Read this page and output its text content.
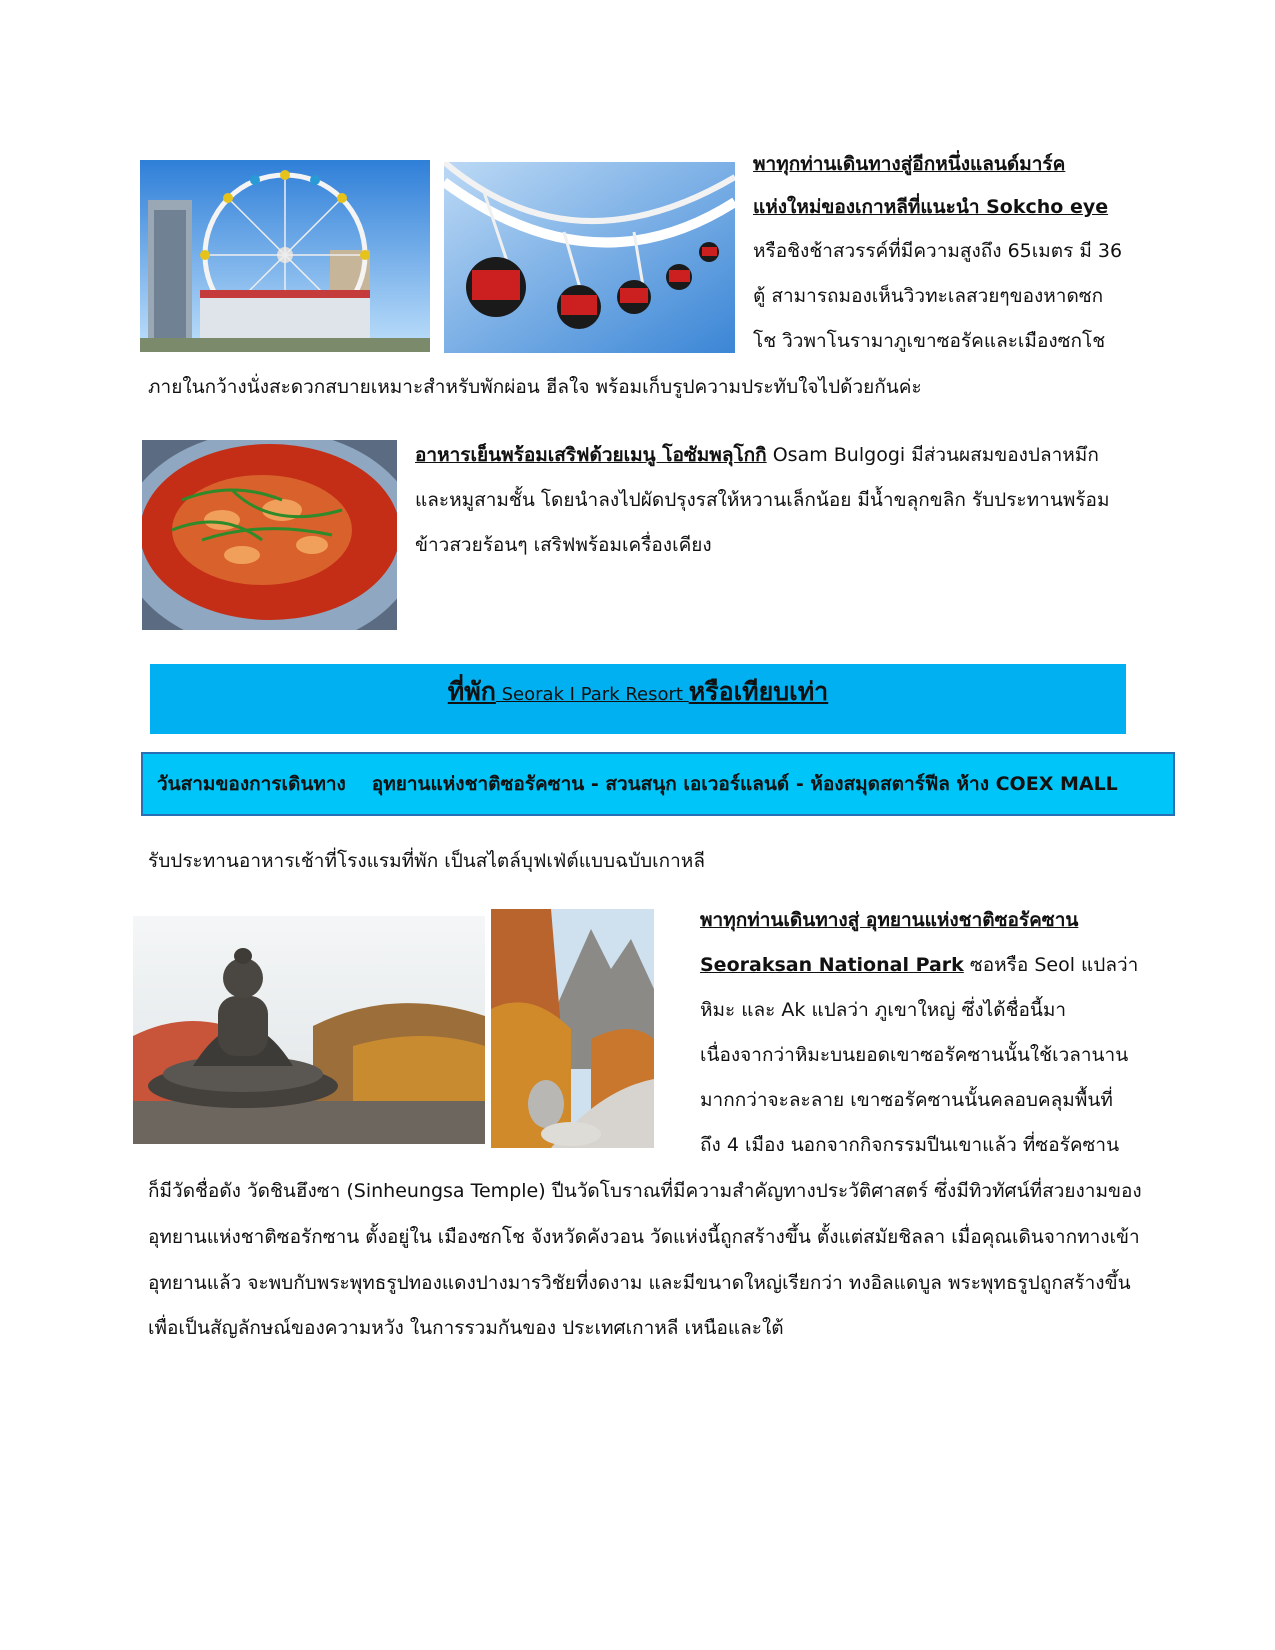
พาทุกท่านเดินทางสู่อีกหนึ่งแลนด์มาร์ค
แห่งใหม่ของเกาหลีที่แนะนำ Sokcho eye
หรือชิงช้าสวรรค์ที่มีความสูงถึง 65เมตร มี 36
ตู้ สามารถมองเห็นวิวทะเลสวยๆของหาดซก
โช วิวพาโนรามาภูเขาซอรัคและเมืองซกโช
ภายในกว้างนั่งสะดวกสบายเหมาะสำหรับพักผ่อน ฮีลใจ พร้อมเก็บรูปความประทับใจไปด้วยกันค่ะ
อาหารเย็นพร้อมเสริฟด้วยเมนู โอซัมพลุโกกิ Osam Bulgogi มีส่วนผสมของปลาหมึก
และหมูสามชั้น โดยนำลงไปผัดปรุงรสให้หวานเล็กน้อย มีน้ำขลุกขลิก รับประทานพร้อม
ข้าวสวยร้อนๆ เสริฟพร้อมเครื่องเคียง
ที่พัก Seorak I Park Resort หรือเทียบเท่า
วันสามของการเดินทาง อุทยานแห่งชาติซอรัคซาน - สวนสนุก เอเวอร์แลนด์ - ห้องสมุดสตาร์ฟีล ห้าง COEX MALL
รับประทานอาหารเช้าที่โรงแรมที่พัก เป็นสไตล์บุฟเฟ่ต์แบบฉบับเกาหลี
พาทุกท่านเดินทางสู่ อุทยานแห่งชาติซอรัคซาน
Seoraksan National Park ซอหรือ Seol แปลว่า
หิมะ และ Ak แปลว่า ภูเขาใหญ่ ซึ่งได้ชื่อนี้มา
เนื่องจากว่าหิมะบนยอดเขาซอรัคซานนั้นใช้เวลานาน
มากกว่าจะละลาย เขาซอรัคซานนั้นคลอบคลุมพื้นที่
ถึง 4 เมือง นอกจากกิจกรรมปีนเขาแล้ว ที่ซอรัคซาน
ก็มีวัดชื่อดัง วัดชินฮึงซา (Sinheungsa Temple) ปีนวัดโบราณที่มีความสำคัญทางประวัติศาสตร์ ซึ่งมีทิวทัศน์ที่สวยงามของ
อุทยานแห่งชาติซอรักซาน ตั้งอยู่ใน เมืองซกโช จังหวัดคังวอน วัดแห่งนี้ถูกสร้างขึ้น ตั้งแต่สมัยชิลลา เมื่อคุณเดินจากทางเข้า
อุทยานแล้ว จะพบกับพระพุทธรูปทองแดงปางมารวิชัยที่งดงาม และมีขนาดใหญ่เรียกว่า ทงอิลแดบูล พระพุทธรูปถูกสร้างขึ้น
เพื่อเป็นสัญลักษณ์ของความหวัง ในการรวมกันของ ประเทศเกาหลี เหนือและใต้
